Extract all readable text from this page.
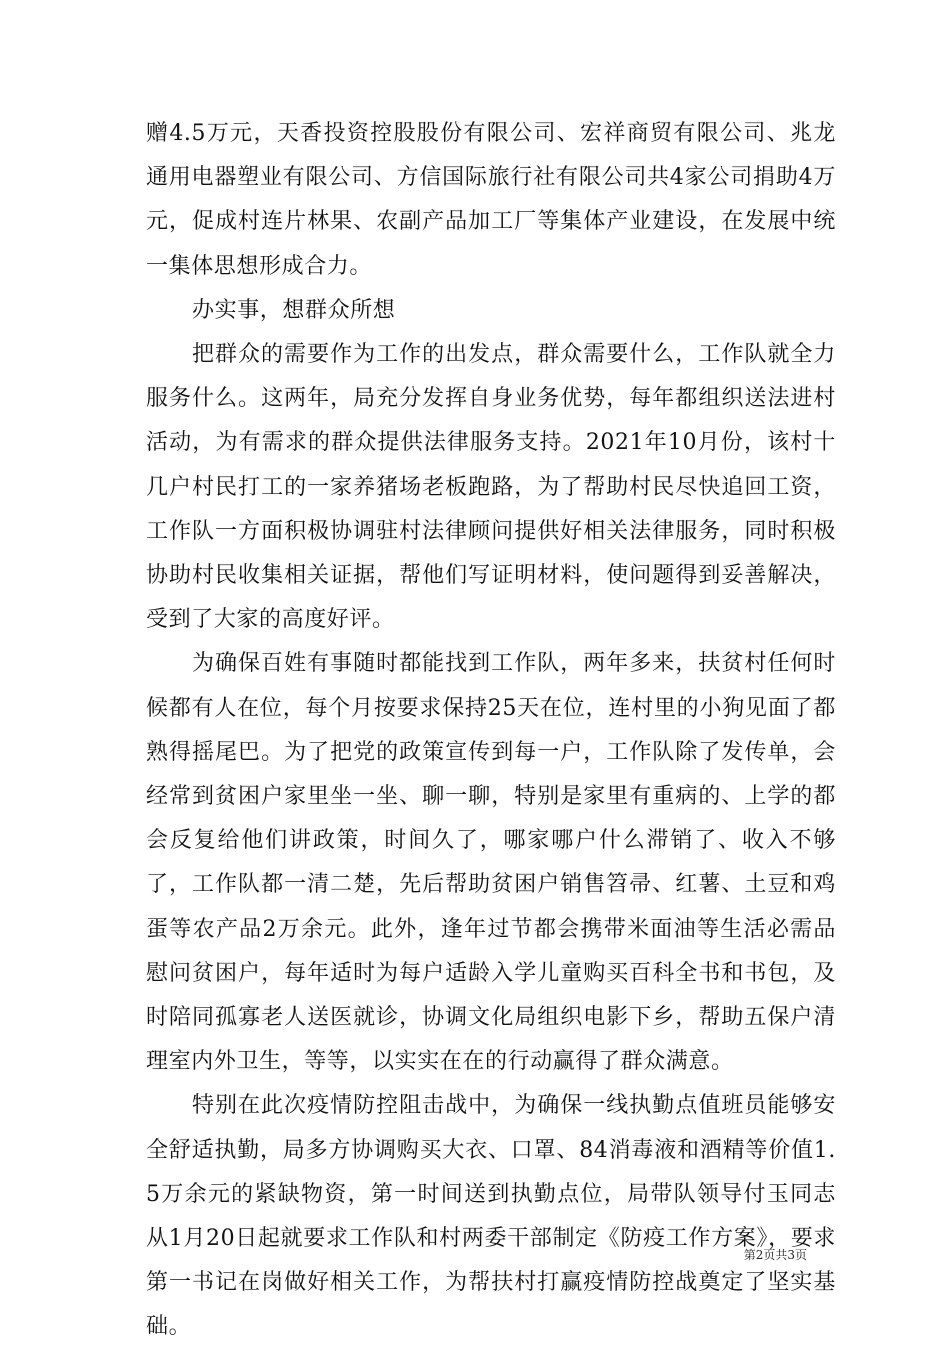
赠4.5万元，天香投资控股股份有限公司、宏祥商贸有限公司、兆龙通用电器塑业有限公司、方信国际旅行社有限公司共4家公司捐助4万元，促成村连片林果、农副产品加工厂等集体产业建设，在发展中统一集体思想形成合力。

办实事，想群众所想

把群众的需要作为工作的出发点，群众需要什么，工作队就全力服务什么。这两年，局充分发挥自身业务优势，每年都组织送法进村活动，为有需求的群众提供法律服务支持。2021年10月份，该村十几户村民打工的一家养猪场老板跑路，为了帮助村民尽快追回工资，工作队一方面积极协调驻村法律顾问提供好相关法律服务，同时积极协助村民收集相关证据，帮他们写证明材料，使问题得到妥善解决，受到了大家的高度好评。

为确保百姓有事随时都能找到工作队，两年多来，扶贫村任何时候都有人在位，每个月按要求保持25天在位，连村里的小狗见面了都熟得摇尾巴。为了把党的政策宣传到每一户，工作队除了发传单，会经常到贫困户家里坐一坐、聊一聊，特别是家里有重病的、上学的都会反复给他们讲政策，时间久了，哪家哪户什么滞销了、收入不够了，工作队都一清二楚，先后帮助贫困户销售笤帚、红薯、土豆和鸡蛋等农产品2万余元。此外，逢年过节都会携带米面油等生活必需品慰问贫困户，每年适时为每户适龄入学儿童购买百科全书和书包，及时陪同孤寡老人送医就诊，协调文化局组织电影下乡，帮助五保户清理室内外卫生，等等，以实实在在的行动赢得了群众满意。

特别在此次疫情防控阻击战中，为确保一线执勤点值班员能够安全舒适执勤，局多方协调购买大衣、口罩、84消毒液和酒精等价值1.5万余元的紧缺物资，第一时间送到执勤点位，局带队领导付玉同志从1月20日起就要求工作队和村两委干部制定《防疫工作方案》，要求第一书记在岗做好相关工作，为帮扶村打赢疫情防控战奠定了坚实基础。

第2页共3页
